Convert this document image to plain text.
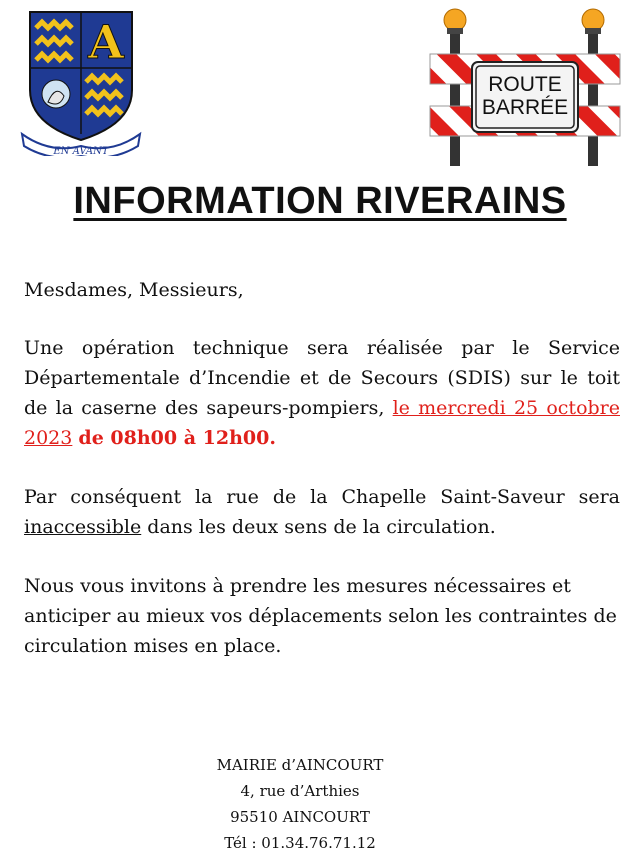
A
EN AVANT
ROUTE
BARRÉE
INFORMATION RIVERAINS
Mesdames, Messieurs,
Une opération technique sera réalisée par le Service Départementale d’Incendie et de Secours (SDIS) sur le toit de la caserne des sapeurs-pompiers, le mercredi 25 octobre 2023 de 08h00 à 12h00.
Par conséquent la rue de la Chapelle Saint-Saveur sera inaccessible dans les deux sens de la circulation.
Nous vous invitons à prendre les mesures nécessaires et anticiper au mieux vos déplacements selon les contraintes de circulation mises en place.
MAIRIE d’AINCOURT
4, rue d’Arthies
95510 AINCOURT
Tél : 01.34.76.71.12
